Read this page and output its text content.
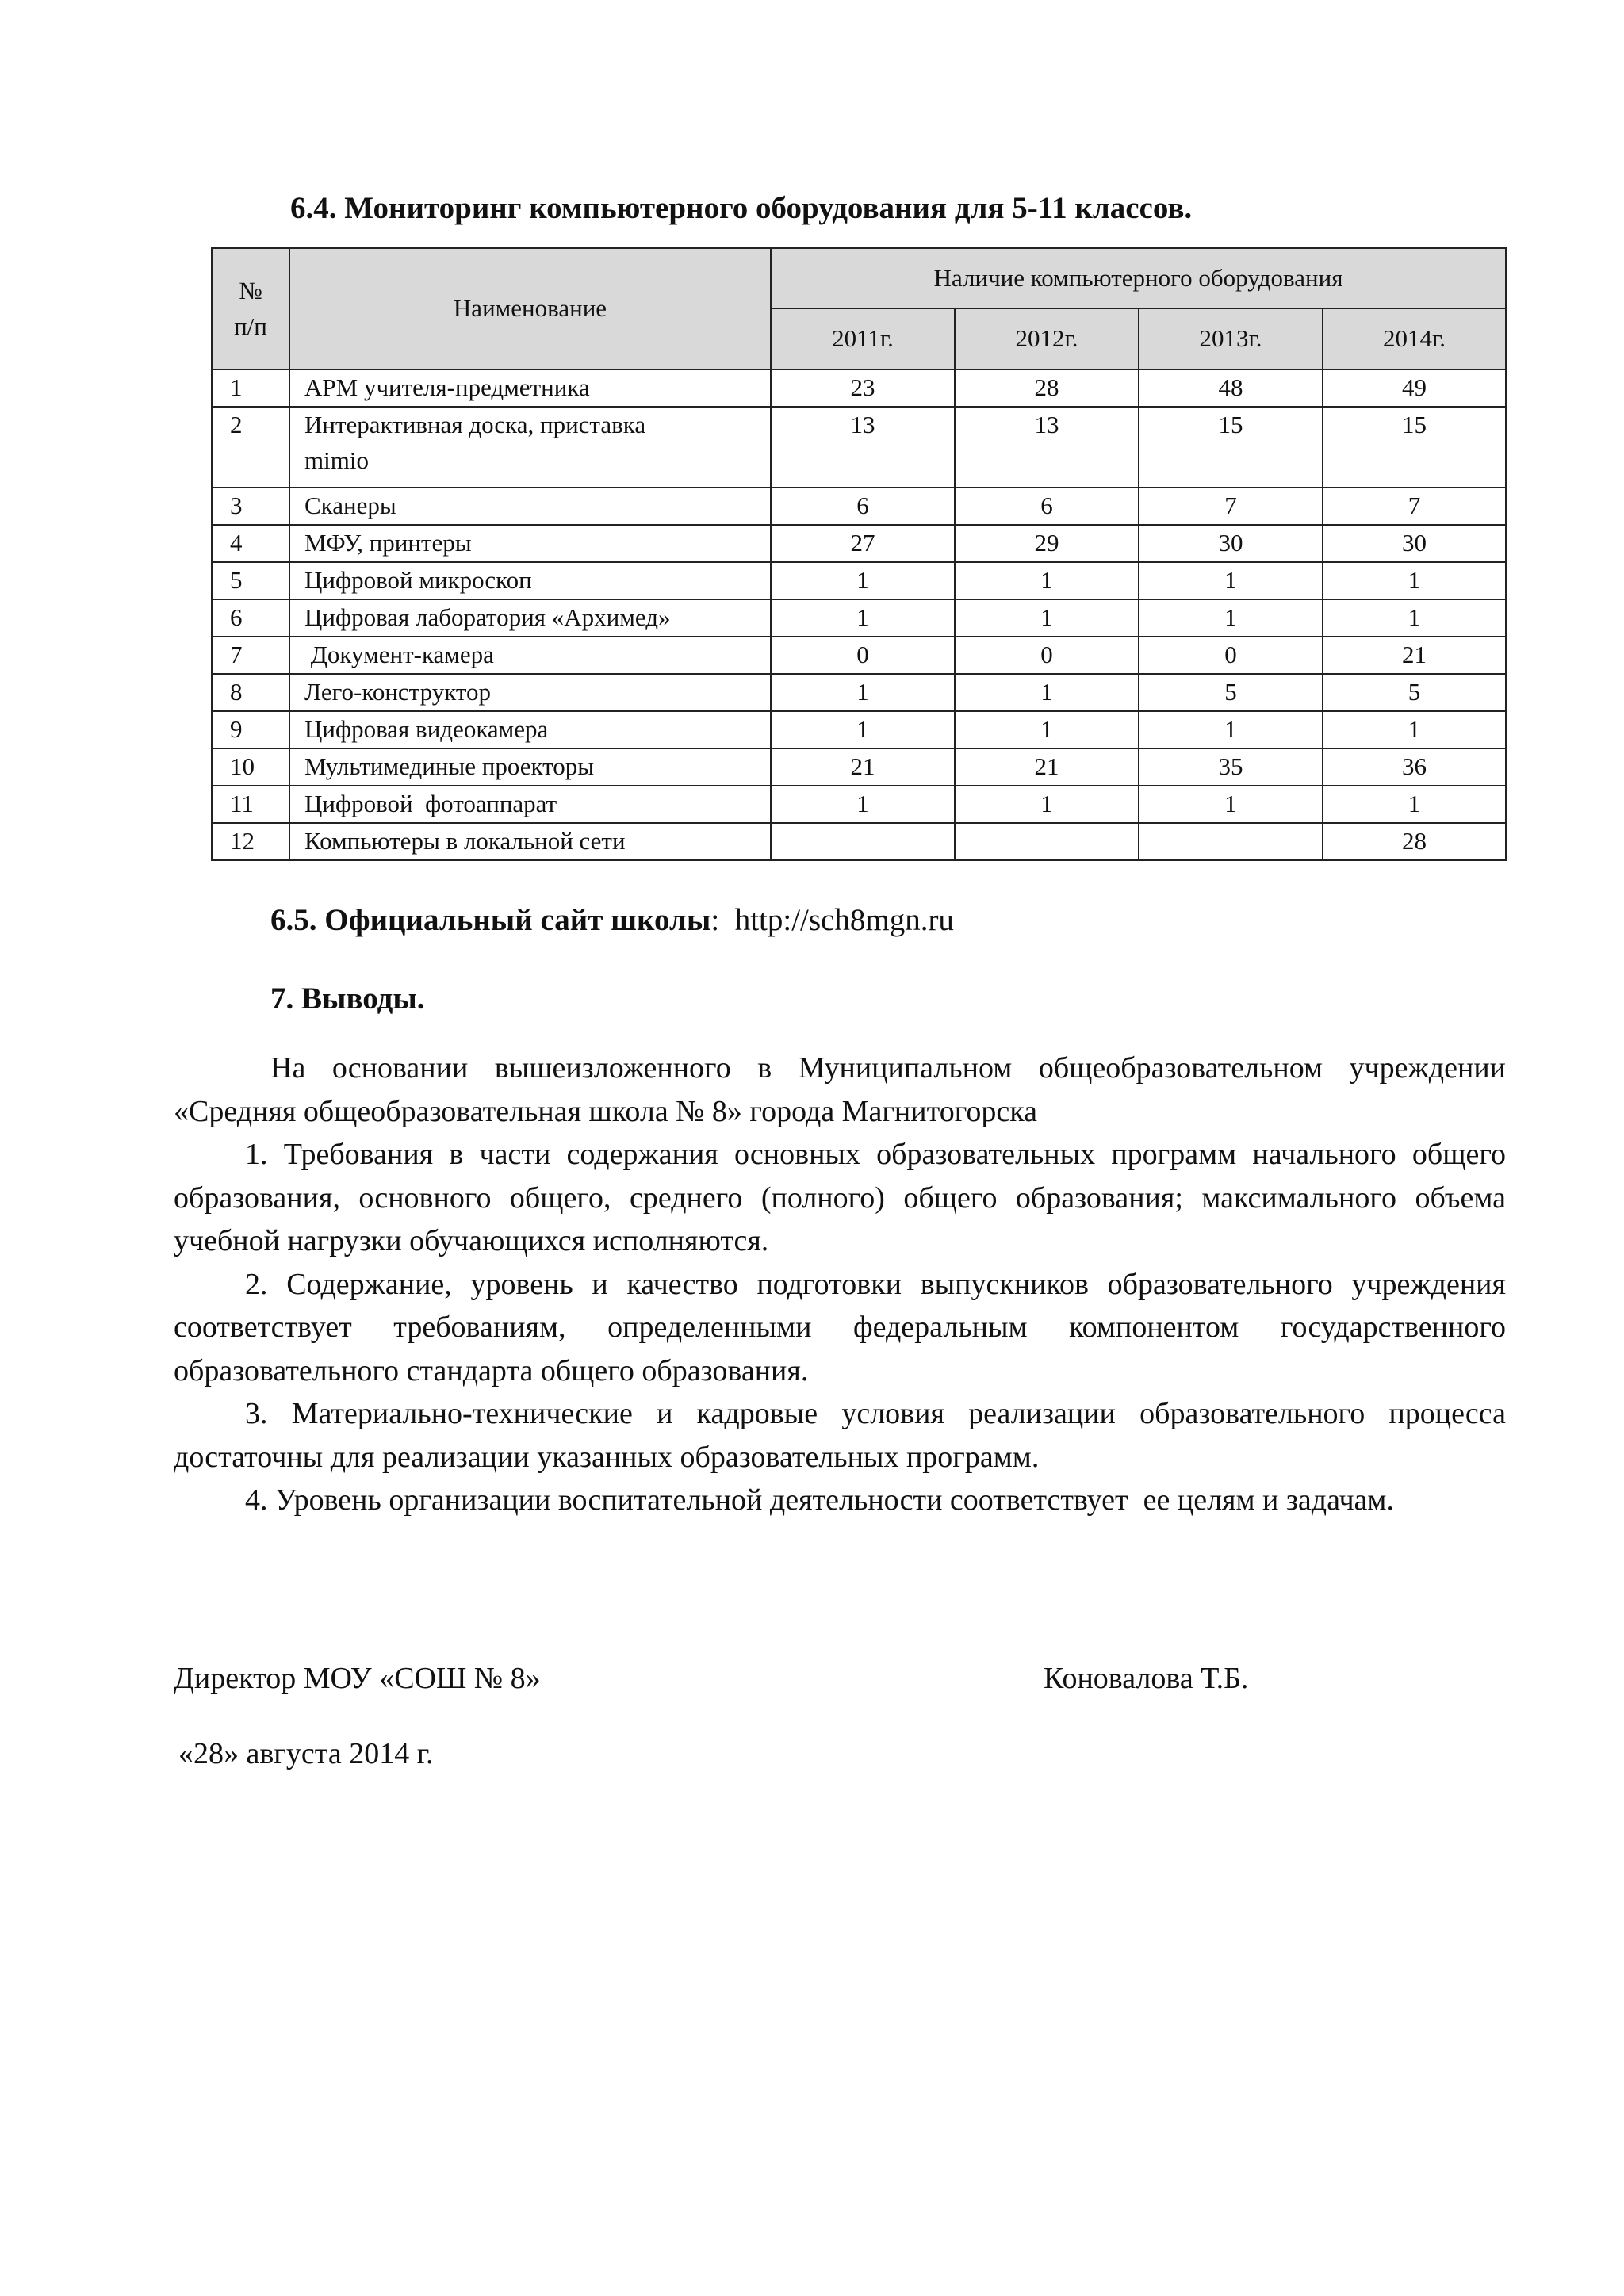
6.4. Мониторинг компьютерного оборудования для 5-11 классов.
№ п/п	Наименование	Наличие компьютерного оборудования			
		2011г.	2012г.	2013г.	2014г.
1	АРМ учителя-предметника	23	28	48	49
2	Интерактивная доска, приставка mimio	13	13	15	15
3	Сканеры	6	6	7	7
4	МФУ, принтеры	27	29	30	30
5	Цифровой микроскоп	1	1	1	1
6	Цифровая лаборатория «Архимед»	1	1	1	1
7	Документ-камера	0	0	0	21
8	Лего-конструктор	1	1	5	5
9	Цифровая видеокамера	1	1	1	1
10	Мультимединые проекторы	21	21	35	36
11	Цифровой  фотоаппарат	1	1	1	1
12	Компьютеры в локальной сети				28
6.5. Официальный сайт школы:  http://sch8mgn.ru
7. Выводы.

На основании вышеизложенного в Муниципальном общеобразовательном учреждении «Средняя общеобразовательная школа № 8» города Магнитогорска

1. Требования в части содержания основных образовательных программ начального общего образования, основного общего, среднего (полного) общего образования; максимального объема учебной нагрузки обучающихся исполняются.

2. Содержание, уровень и качество подготовки выпускников образовательного учреждения соответствует требованиям, определенными федеральным компонентом государственного образовательного стандарта общего образования.

3. Материально-технические и кадровые условия реализации образовательного процесса достаточны для реализации указанных образовательных программ.

4. Уровень организации воспитательной деятельности соответствует  ее целям и задачам.

Директор МОУ «СОШ № 8»	Коновалова Т.Б.
«28» августа 2014 г.
